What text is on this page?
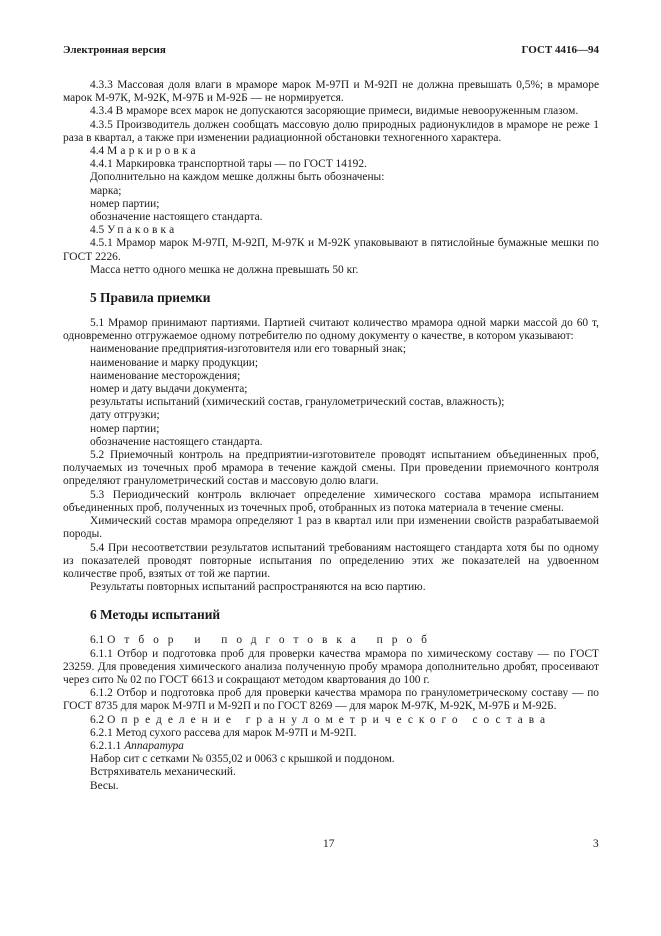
Электронная версия	ГОСТ 4416—94

4.3.3 Массовая доля влаги в мраморе марок М-97П и М-92П не должна превышать 0,5%; в мраморе марок М-97К, М-92К, М-97Б и М-92Б — не нормируется.

4.3.4 В мраморе всех марок не допускаются засоряющие примеси, видимые невооруженным глазом.

4.3.5 Производитель должен сообщать массовую долю природных радионуклидов в мраморе не реже 1 раза в квартал, а также при изменении радиационной обстановки техногенного характера.

4.4 Маркировка

4.4.1 Маркировка транспортной тары — по ГОСТ 14192.

Дополнительно на каждом мешке должны быть обозначены:

марка;

номер партии;

обозначение настоящего стандарта.

4.5 Упаковка

4.5.1 Мрамор марок М-97П, М-92П, М-97К и М-92К упаковывают в пятислойные бумажные мешки по ГОСТ 2226.

Масса нетто одного мешка не должна превышать 50 кг.

5 Правила приемки

5.1 Мрамор принимают партиями. Партией считают количество мрамора одной марки массой до 60 т, одновременно отгружаемое одному потребителю по одному документу о качестве, в котором указывают:

наименование предприятия-изготовителя или его товарный знак;

наименование и марку продукции;

наименование месторождения;

номер и дату выдачи документа;

результаты испытаний (химический состав, гранулометрический состав, влажность);

дату отгрузки;

номер партии;

обозначение настоящего стандарта.

5.2 Приемочный контроль на предприятии-изготовителе проводят испытанием объединенных проб, получаемых из точечных проб мрамора в течение каждой смены. При проведении приемочного контроля определяют гранулометрический состав и массовую долю влаги.

5.3 Периодический контроль включает определение химического состава мрамора испытанием объединенных проб, полученных из точечных проб, отобранных из потока материала в течение смены.

Химический состав мрамора определяют 1 раз в квартал или при изменении свойств разрабатываемой породы.

5.4 При несоответствии результатов испытаний требованиям настоящего стандарта хотя бы по одному из показателей проводят повторные испытания по определению этих же показателей на удвоенном количестве проб, взятых от той же партии.

Результаты повторных испытаний распространяются на всю партию.

6 Методы испытаний

6.1 Отбор и подготовка проб

6.1.1 Отбор и подготовка проб для проверки качества мрамора по химическому составу — по ГОСТ 23259. Для проведения химического анализа полученную пробу мрамора дополнительно дробят, просеивают через сито № 02 по ГОСТ 6613 и сокращают методом квартования до 100 г.

6.1.2 Отбор и подготовка проб для проверки качества мрамора по гранулометрическому составу — по ГОСТ 8735 для марок М-97П и М-92П и по ГОСТ 8269 — для марок М-97К, М-92К, М-97Б и М-92Б.

6.2 Определение гранулометрического состава

6.2.1 Метод сухого рассева для марок М-97П и М-92П.

6.2.1.1 Аппаратура

Набор сит с сетками № 0355,02 и 0063 с крышкой и поддоном.

Встряхиватель механический.

Весы.

17	3
